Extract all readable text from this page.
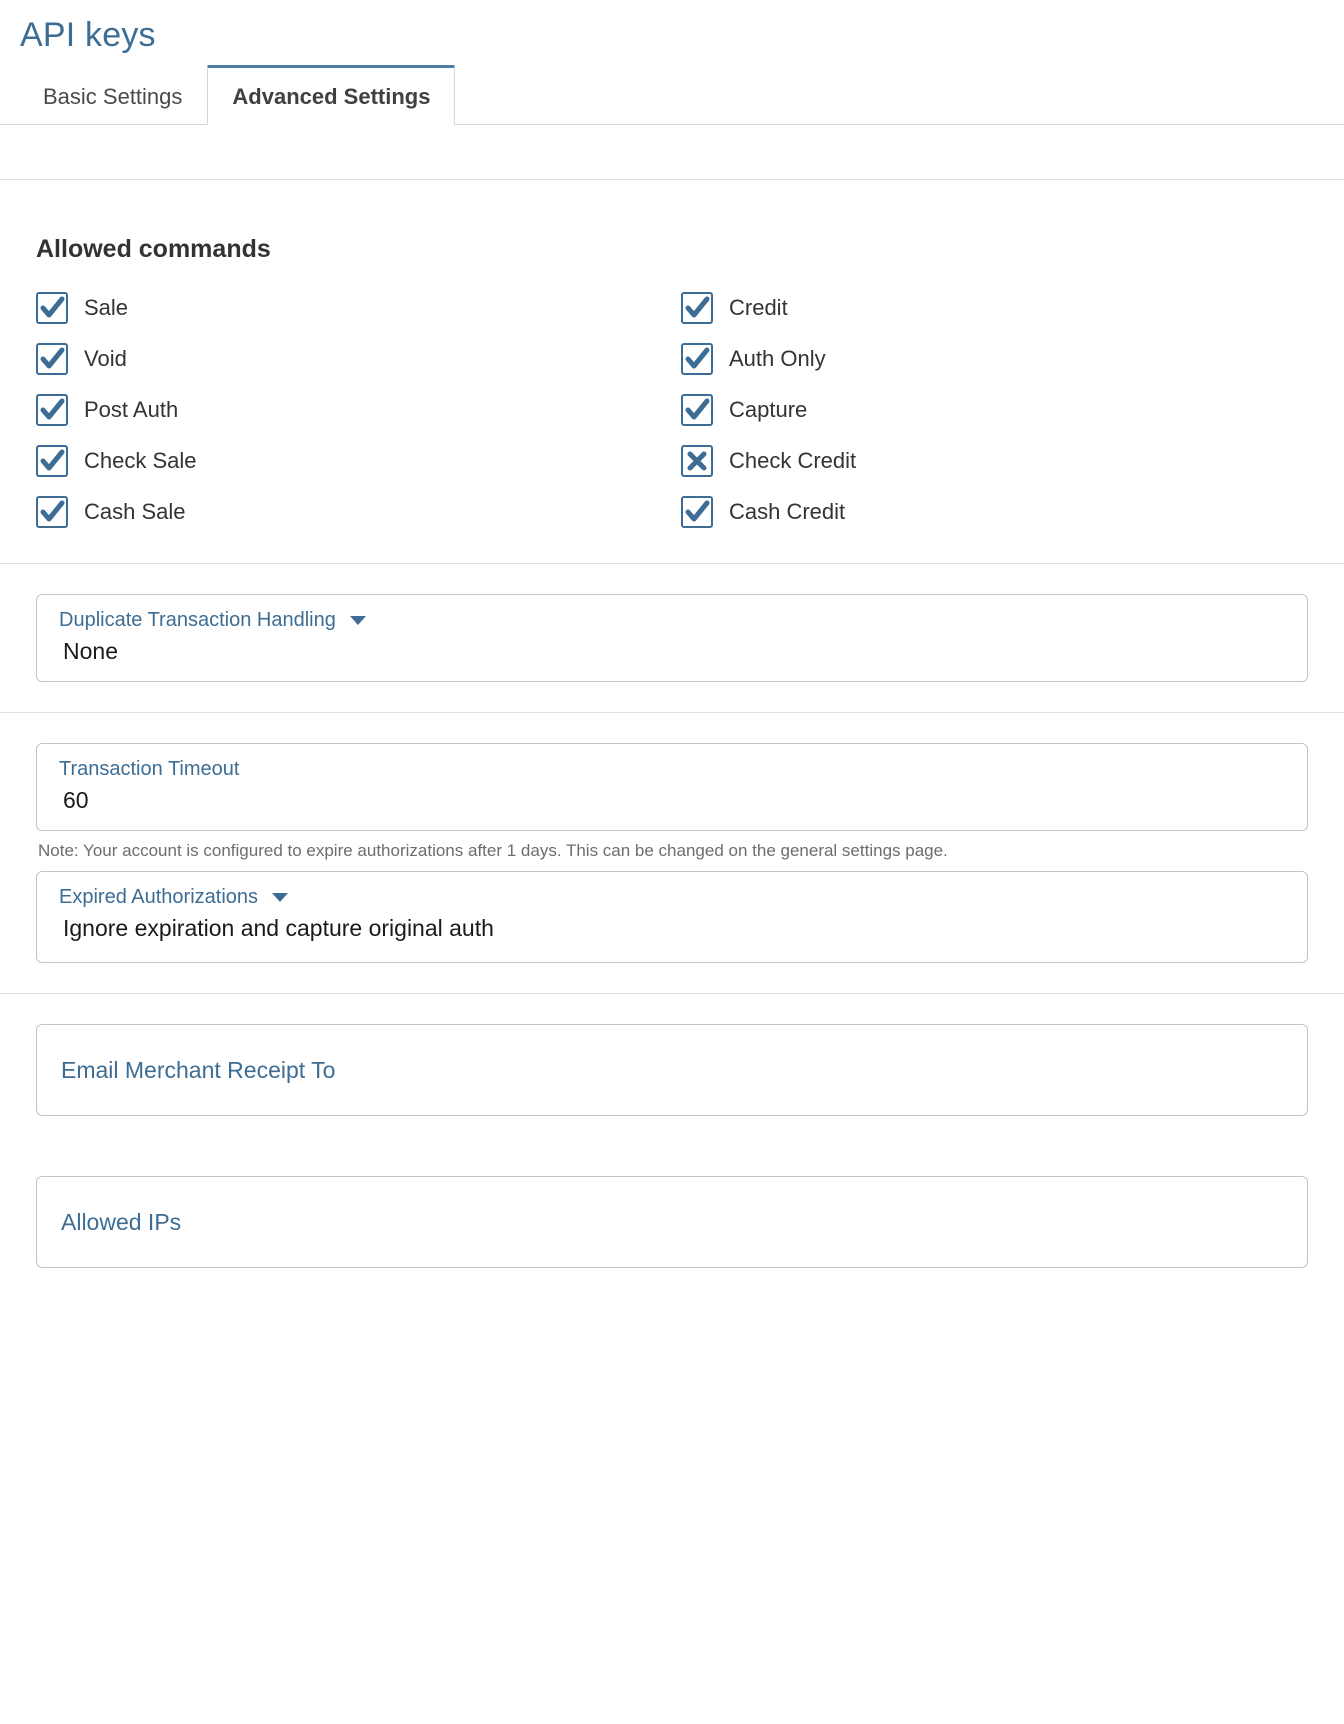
API keys
Basic Settings	Advanced Settings
Allowed commands
Sale	Credit
Void	Auth Only
Post Auth	Capture
Check Sale	Check Credit
Cash Sale	Cash Credit
Duplicate Transaction Handling
None
Transaction Timeout
60

Note: Your account is configured to expire authorizations after 1 days. This can be changed on the general settings page.

Expired Authorizations
Ignore expiration and capture original auth
Email Merchant Receipt To
Allowed IPs
